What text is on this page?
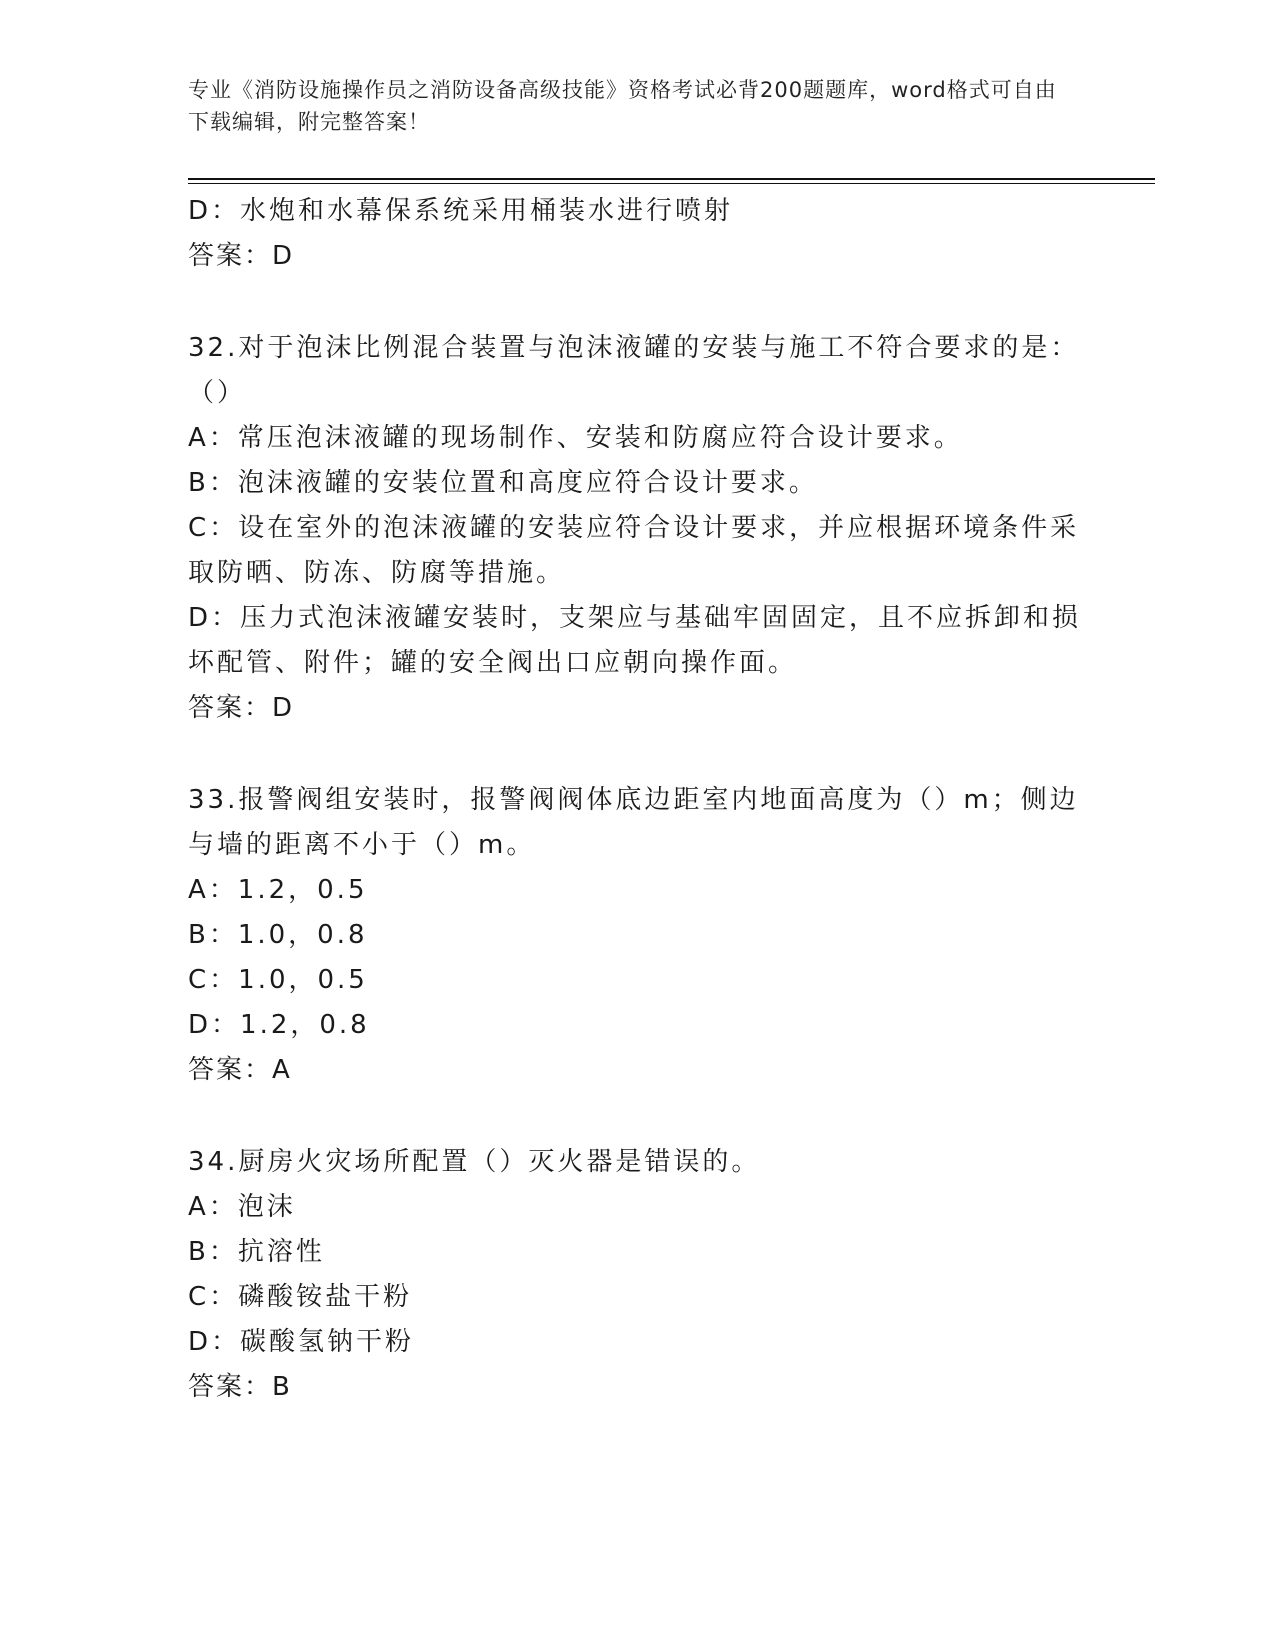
专业《消防设施操作员之消防设备高级技能》资格考试必背200题题库，word格式可自由下载编辑，附完整答案！
D：水炮和水幕保系统采用桶装水进行喷射
答案：D
32.对于泡沫比例混合装置与泡沫液罐的安装与施工不符合要求的是：
（）
A：常压泡沫液罐的现场制作、安装和防腐应符合设计要求。
B：泡沫液罐的安装位置和高度应符合设计要求。
C：设在室外的泡沫液罐的安装应符合设计要求，并应根据环境条件采
取防晒、防冻、防腐等措施。
D：压力式泡沫液罐安装时，支架应与基础牢固固定，且不应拆卸和损
坏配管、附件；罐的安全阀出口应朝向操作面。
答案：D
33.报警阀组安装时，报警阀阀体底边距室内地面高度为（）m；侧边
与墙的距离不小于（）m。
A：1.2，0.5
B：1.0，0.8
C：1.0，0.5
D：1.2，0.8
答案：A
34.厨房火灾场所配置（）灭火器是错误的。
A：泡沫
B：抗溶性
C：磷酸铵盐干粉
D：碳酸氢钠干粉
答案：B
